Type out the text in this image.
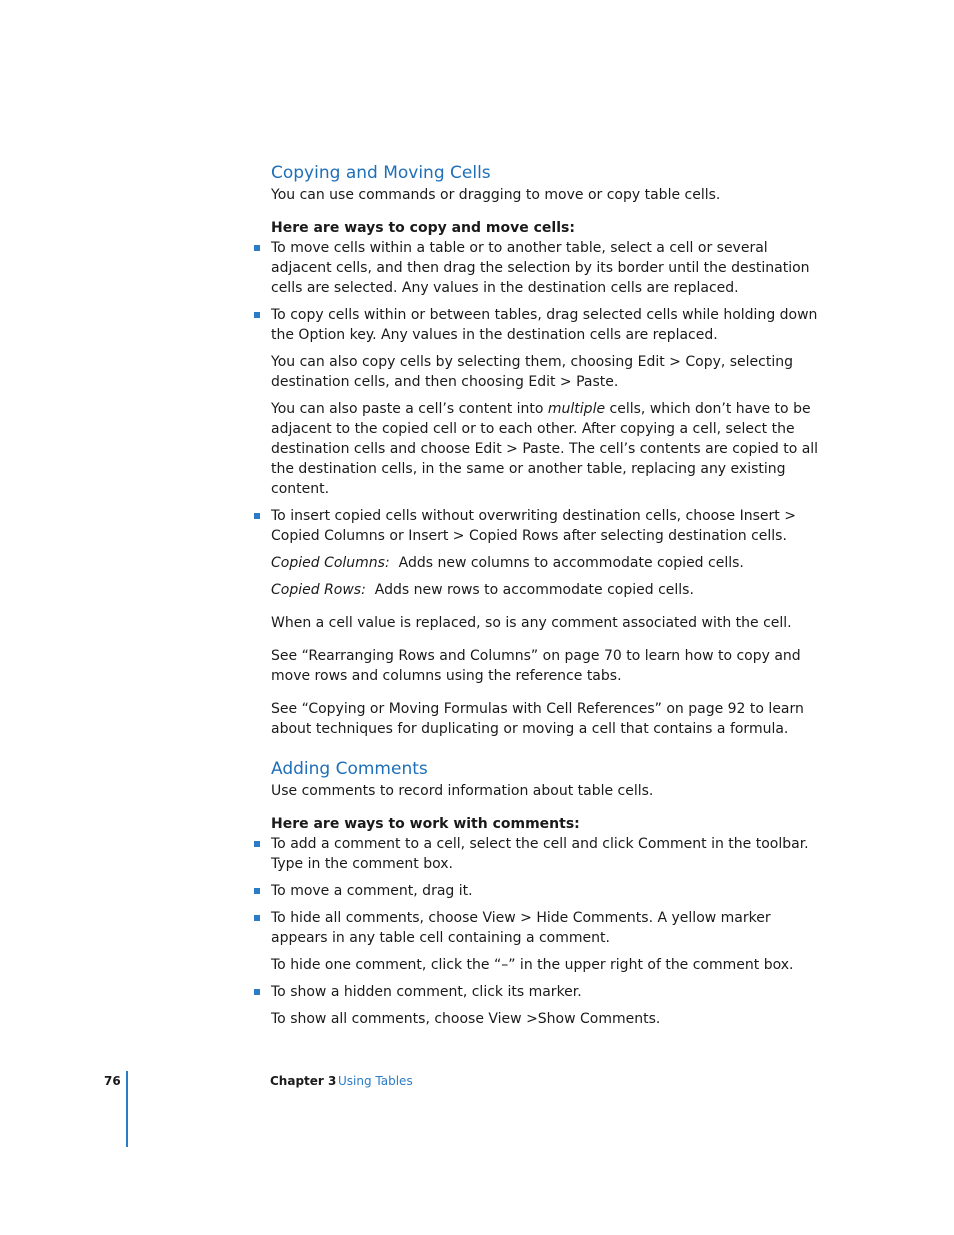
Copying and Moving Cells

You can use commands or dragging to move or copy table cells.

Here are ways to copy and move cells:

To move cells within a table or to another table, select a cell or several adjacent cells, and then drag the selection by its border until the destination cells are selected. Any values in the destination cells are replaced.

To copy cells within or between tables, drag selected cells while holding down the Option key. Any values in the destination cells are replaced.

You can also copy cells by selecting them, choosing Edit > Copy, selecting destination cells, and then choosing Edit > Paste.

You can also paste a cell’s content into multiple cells, which don’t have to be adjacent to the copied cell or to each other. After copying a cell, select the destination cells and choose Edit > Paste. The cell’s contents are copied to all the destination cells, in the same or another table, replacing any existing content.

To insert copied cells without overwriting destination cells, choose Insert > Copied Columns or Insert > Copied Rows after selecting destination cells.

Copied Columns: Adds new columns to accommodate copied cells.

Copied Rows: Adds new rows to accommodate copied cells.

When a cell value is replaced, so is any comment associated with the cell.

See “Rearranging Rows and Columns” on page 70 to learn how to copy and move rows and columns using the reference tabs.

See “Copying or Moving Formulas with Cell References” on page 92 to learn about techniques for duplicating or moving a cell that contains a formula.

Adding Comments

Use comments to record information about table cells.

Here are ways to work with comments:

To add a comment to a cell, select the cell and click Comment in the toolbar. Type in the comment box.

To move a comment, drag it.

To hide all comments, choose View > Hide Comments. A yellow marker appears in any table cell containing a comment.

To hide one comment, click the “–” in the upper right of the comment box.

To show a hidden comment, click its marker.

To show all comments, choose View >Show Comments.

76	Chapter 3 Using Tables
